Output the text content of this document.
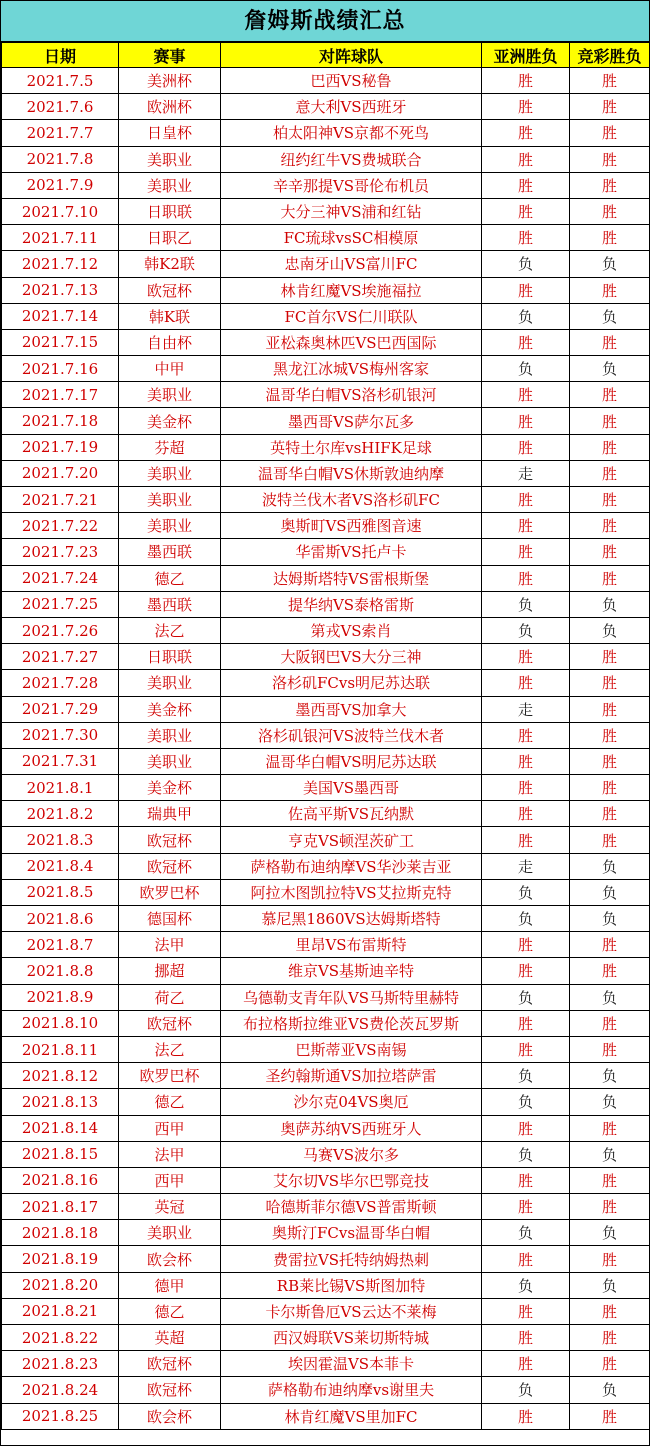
詹姆斯战绩汇总
日期	赛事	对阵球队	亚洲胜负	竞彩胜负
2021.7.5	美洲杯	巴西VS秘鲁	胜	胜
2021.7.6	欧洲杯	意大利VS西班牙	胜	胜
2021.7.7	日皇杯	柏太阳神VS京都不死鸟	胜	胜
2021.7.8	美职业	纽约红牛VS费城联合	胜	胜
2021.7.9	美职业	辛辛那提VS哥伦布机员	胜	胜
2021.7.10	日职联	大分三神VS浦和红钻	胜	胜
2021.7.11	日职乙	FC琉球vsSC相模原	胜	胜
2021.7.12	韩K2联	忠南牙山VS富川FC	负	负
2021.7.13	欧冠杯	林肯红魔VS埃施福拉	胜	胜
2021.7.14	韩K联	FC首尔VS仁川联队	负	负
2021.7.15	自由杯	亚松森奥林匹VS巴西国际	胜	胜
2021.7.16	中甲	黑龙江冰城VS梅州客家	负	负
2021.7.17	美职业	温哥华白帽VS洛杉矶银河	胜	胜
2021.7.18	美金杯	墨西哥VS萨尔瓦多	胜	胜
2021.7.19	芬超	英特土尔库vsHIFK足球	胜	胜
2021.7.20	美职业	温哥华白帽VS休斯敦迪纳摩	走	胜
2021.7.21	美职业	波特兰伐木者VS洛杉矶FC	胜	胜
2021.7.22	美职业	奥斯町VS西雅图音速	胜	胜
2021.7.23	墨西联	华雷斯VS托卢卡	胜	胜
2021.7.24	德乙	达姆斯塔特VS雷根斯堡	胜	胜
2021.7.25	墨西联	提华纳VS泰格雷斯	负	负
2021.7.26	法乙	第戎VS索肖	负	负
2021.7.27	日职联	大阪钢巴VS大分三神	胜	胜
2021.7.28	美职业	洛杉矶FCvs明尼苏达联	胜	胜
2021.7.29	美金杯	墨西哥VS加拿大	走	胜
2021.7.30	美职业	洛杉矶银河VS波特兰伐木者	胜	胜
2021.7.31	美职业	温哥华白帽VS明尼苏达联	胜	胜
2021.8.1	美金杯	美国VS墨西哥	胜	胜
2021.8.2	瑞典甲	佐高平斯VS瓦纳默	胜	胜
2021.8.3	欧冠杯	亨克VS顿涅茨矿工	胜	胜
2021.8.4	欧冠杯	萨格勒布迪纳摩VS华沙莱吉亚	走	负
2021.8.5	欧罗巴杯	阿拉木图凯拉特VS艾拉斯克特	负	负
2021.8.6	德国杯	慕尼黑1860VS达姆斯塔特	负	负
2021.8.7	法甲	里昂VS布雷斯特	胜	胜
2021.8.8	挪超	维京VS基斯迪辛特	胜	胜
2021.8.9	荷乙	乌德勒支青年队VS马斯特里赫特	负	负
2021.8.10	欧冠杯	布拉格斯拉维亚VS费伦茨瓦罗斯	胜	胜
2021.8.11	法乙	巴斯蒂亚VS南锡	胜	胜
2021.8.12	欧罗巴杯	圣约翰斯通VS加拉塔萨雷	负	负
2021.8.13	德乙	沙尔克04VS奥厄	负	负
2021.8.14	西甲	奥萨苏纳VS西班牙人	胜	胜
2021.8.15	法甲	马赛VS波尔多	负	负
2021.8.16	西甲	艾尔切VS毕尔巴鄂竞技	胜	胜
2021.8.17	英冠	哈德斯菲尔德VS普雷斯顿	胜	胜
2021.8.18	美职业	奥斯汀FCvs温哥华白帽	负	负
2021.8.19	欧会杯	费雷拉VS托特纳姆热刺	胜	胜
2021.8.20	德甲	RB莱比锡VS斯图加特	负	负
2021.8.21	德乙	卡尔斯鲁厄VS云达不莱梅	胜	胜
2021.8.22	英超	西汉姆联VS莱切斯特城	胜	胜
2021.8.23	欧冠杯	埃因霍温VS本菲卡	胜	胜
2021.8.24	欧冠杯	萨格勒布迪纳摩vs谢里夫	负	负
2021.8.25	欧会杯	林肯红魔VS里加FC	胜	胜
